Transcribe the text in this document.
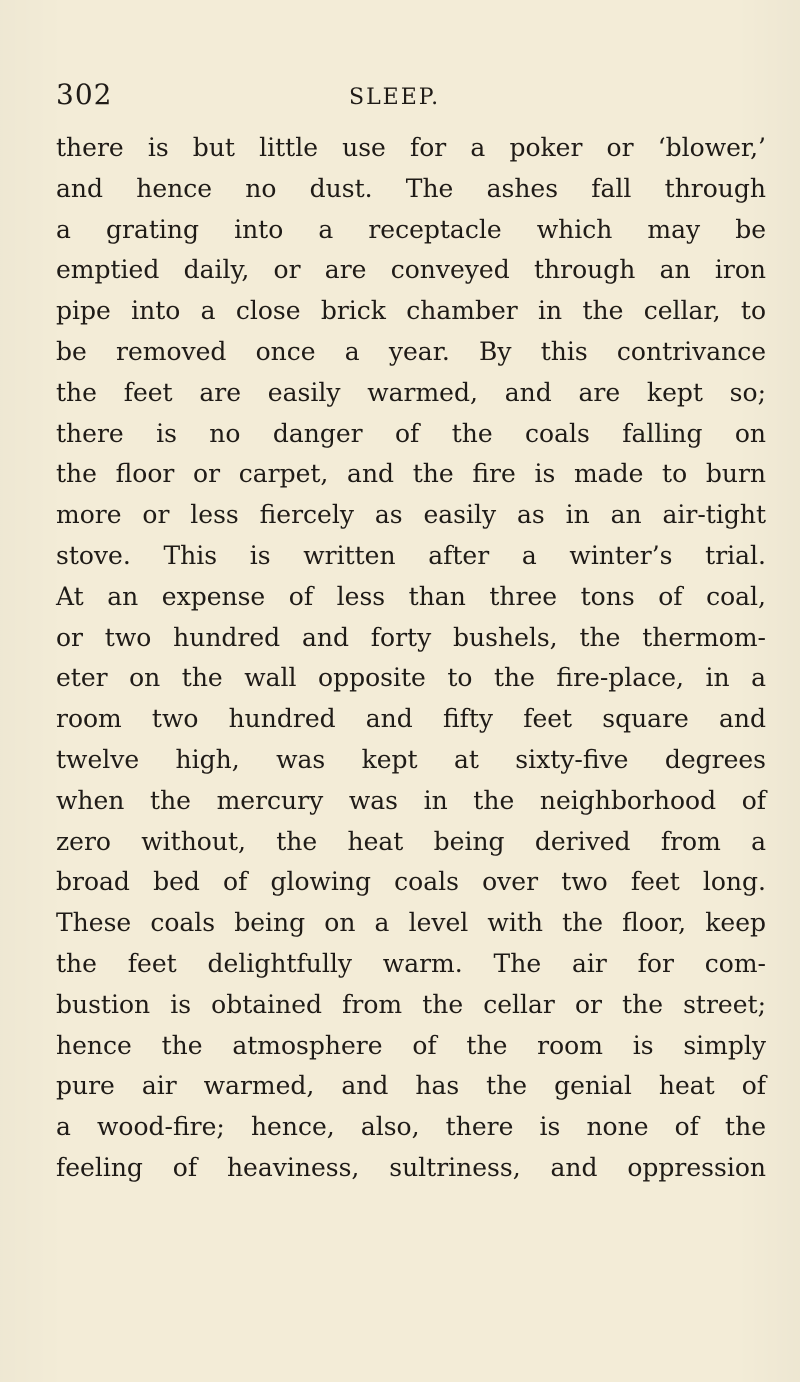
302	SLEEP.
there is but little use for a poker or ‘blower,’
and hence no dust. The ashes fall through
a grating into a receptacle which may be
emptied daily, or are conveyed through an iron
pipe into a close brick chamber in the cellar, to
be removed once a year. By this contrivance
the feet are easily warmed, and are kept so;
there is no danger of the coals falling on
the floor or carpet, and the fire is made to burn
more or less fiercely as easily as in an air-tight
stove. This is written after a winter’s trial.
At an expense of less than three tons of coal,
or two hundred and forty bushels, the thermom-
eter on the wall opposite to the fire-place, in a
room two hundred and fifty feet square and
twelve high, was kept at sixty-five degrees
when the mercury was in the neighborhood of
zero without, the heat being derived from a
broad bed of glowing coals over two feet long.
These coals being on a level with the floor, keep
the feet delightfully warm. The air for com-
bustion is obtained from the cellar or the street;
hence the atmosphere of the room is simply
pure air warmed, and has the genial heat of
a wood-fire; hence, also, there is none of the
feeling of heaviness, sultriness, and oppression
